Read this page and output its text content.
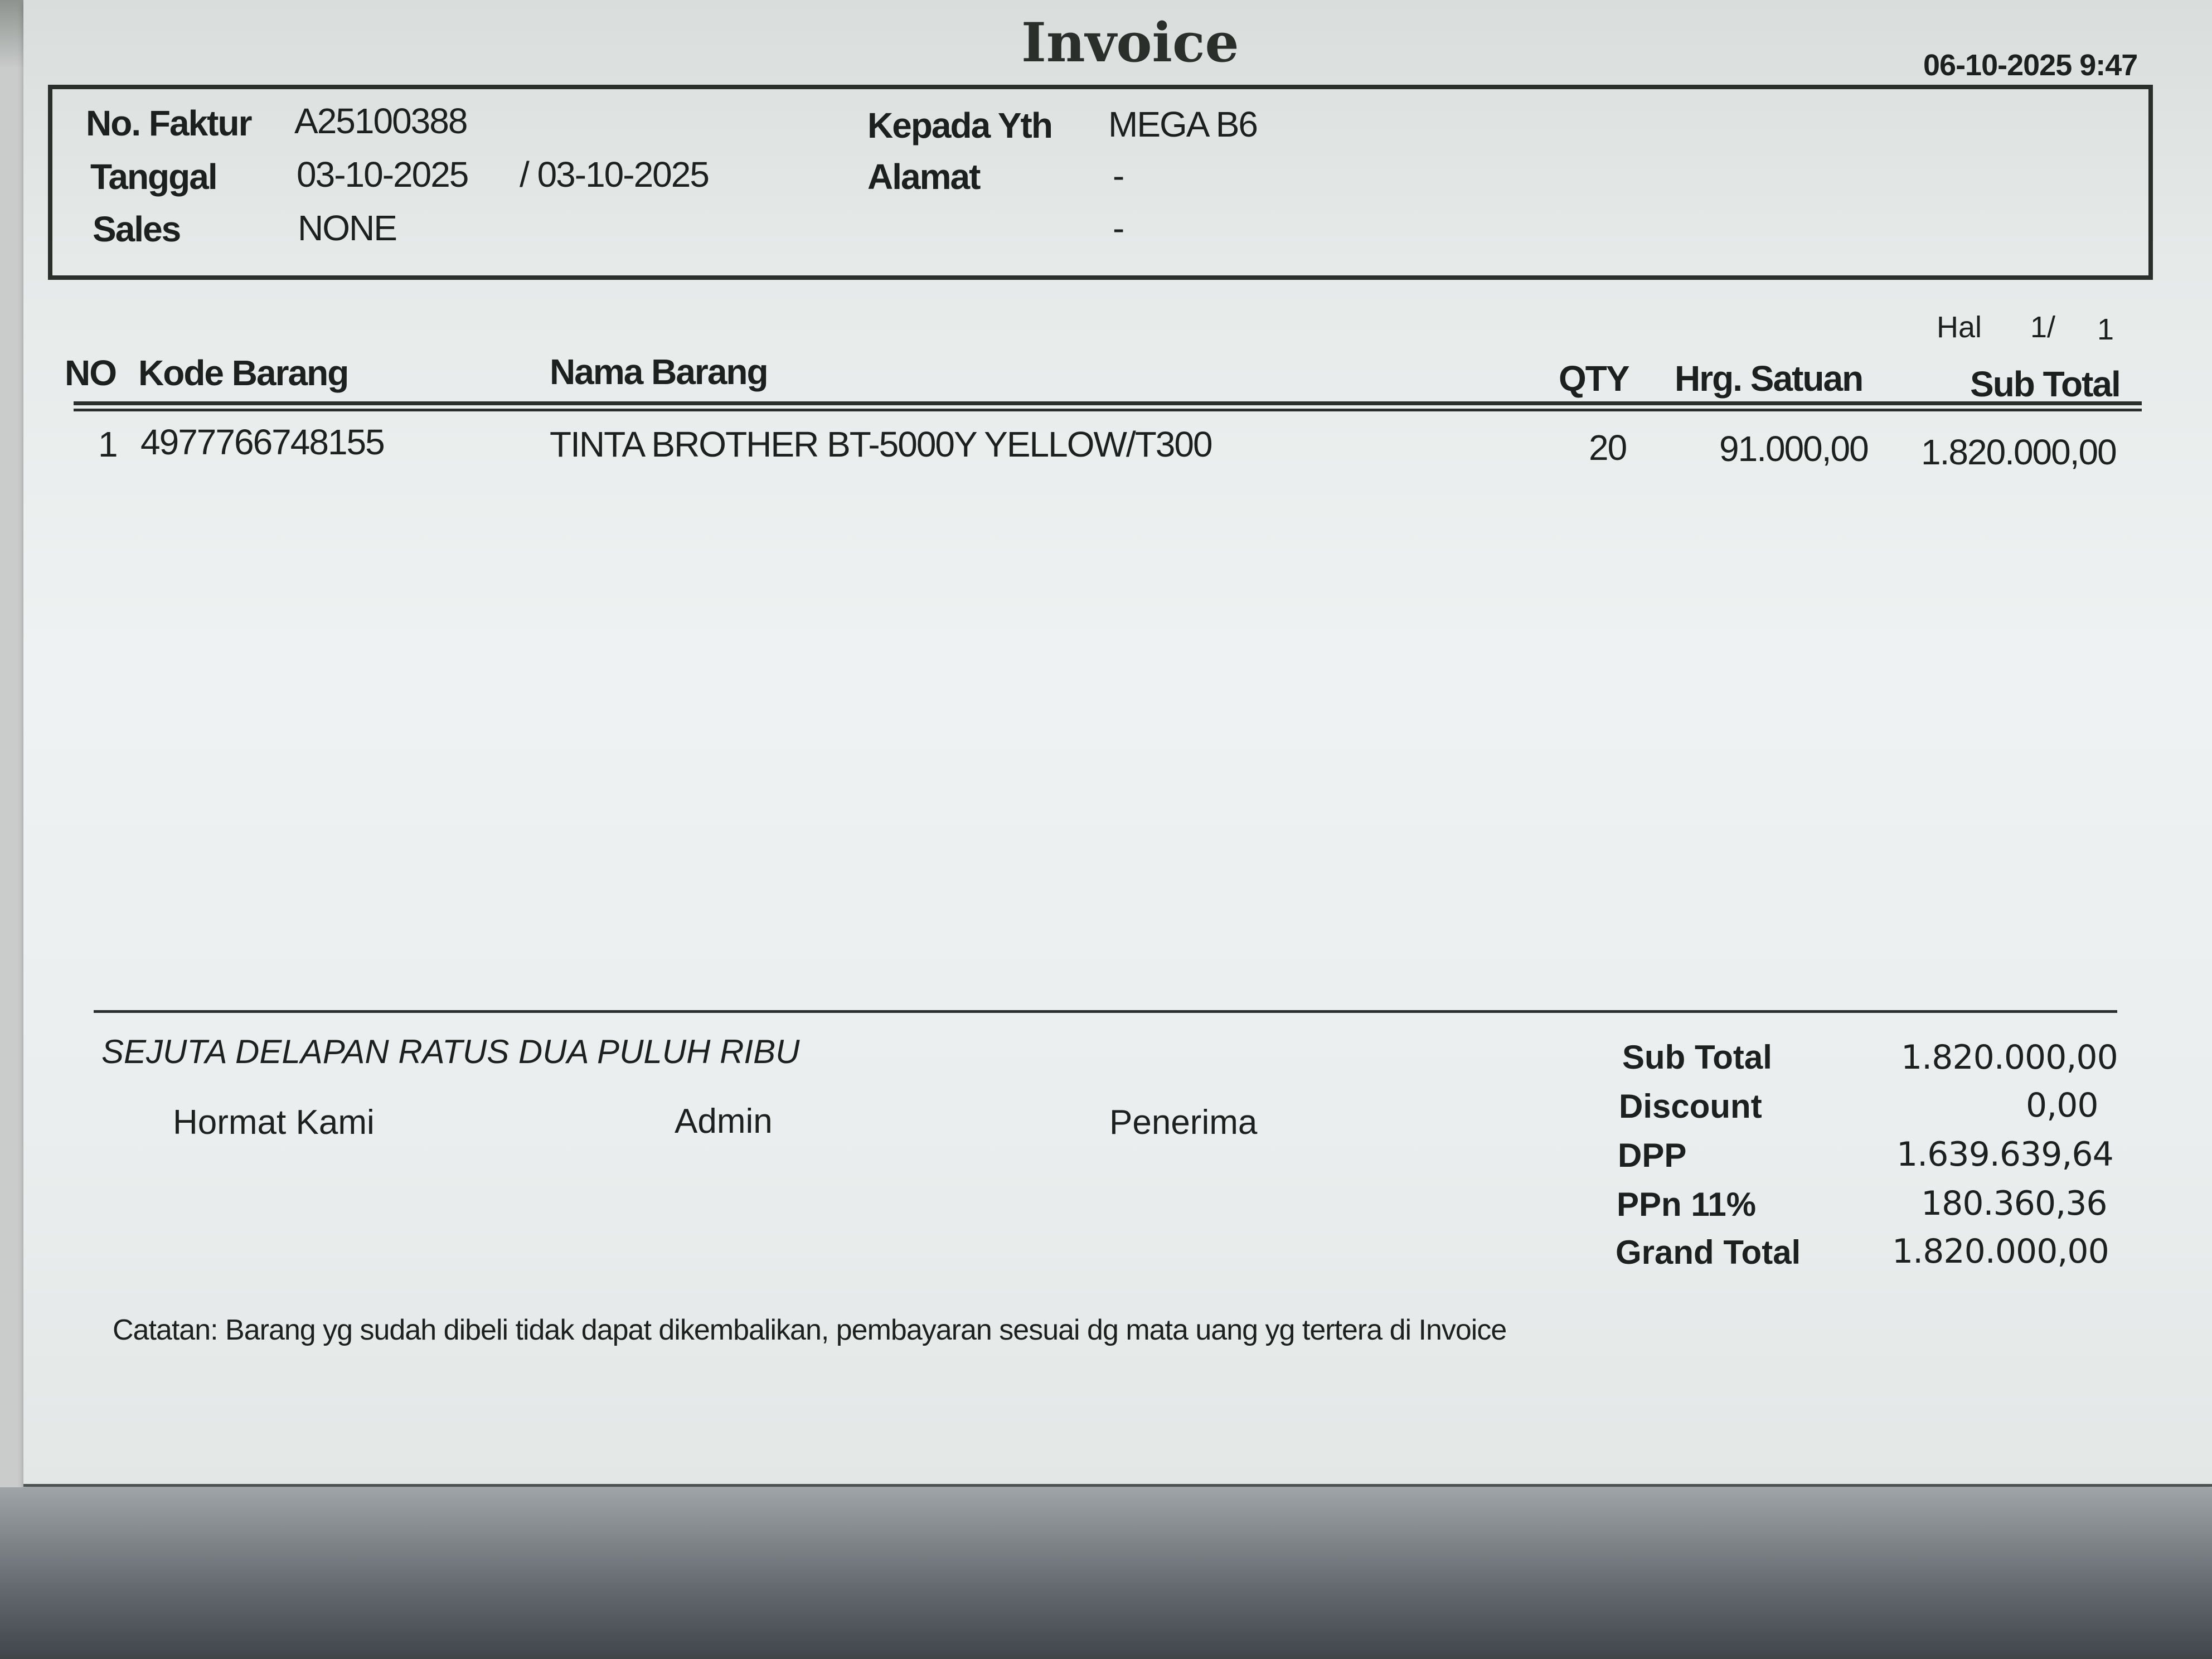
Invoice	06-10-2025 9:47
No. Faktur A25100388
Tanggal 03-10-2025 / 03-10-2025
Sales	NONE
Kepada Yth MEGA B6
Alamat	-
-
Hal 1/ 1
NO Kode Barang	Nama Barang	QTY Hrg. Satuan	Sub Total
1 4977766748155	TINTA BROTHER BT-5000Y YELLOW/T300	20	91.000,00 1.820.000,00
SEJUTA DELAPAN RATUS DUA PULUH RIBU
Hormat Kami	Admin	Penerima
Sub Total	1.820.000,00
Discount	0,00
DPP	1.639.639,64
PPn 11%	180.360,36
Grand Total	1.820.000,00
Catatan: Barang yg sudah dibeli tidak dapat dikembalikan, pembayaran sesuai dg mata uang yg tertera di Invoice
